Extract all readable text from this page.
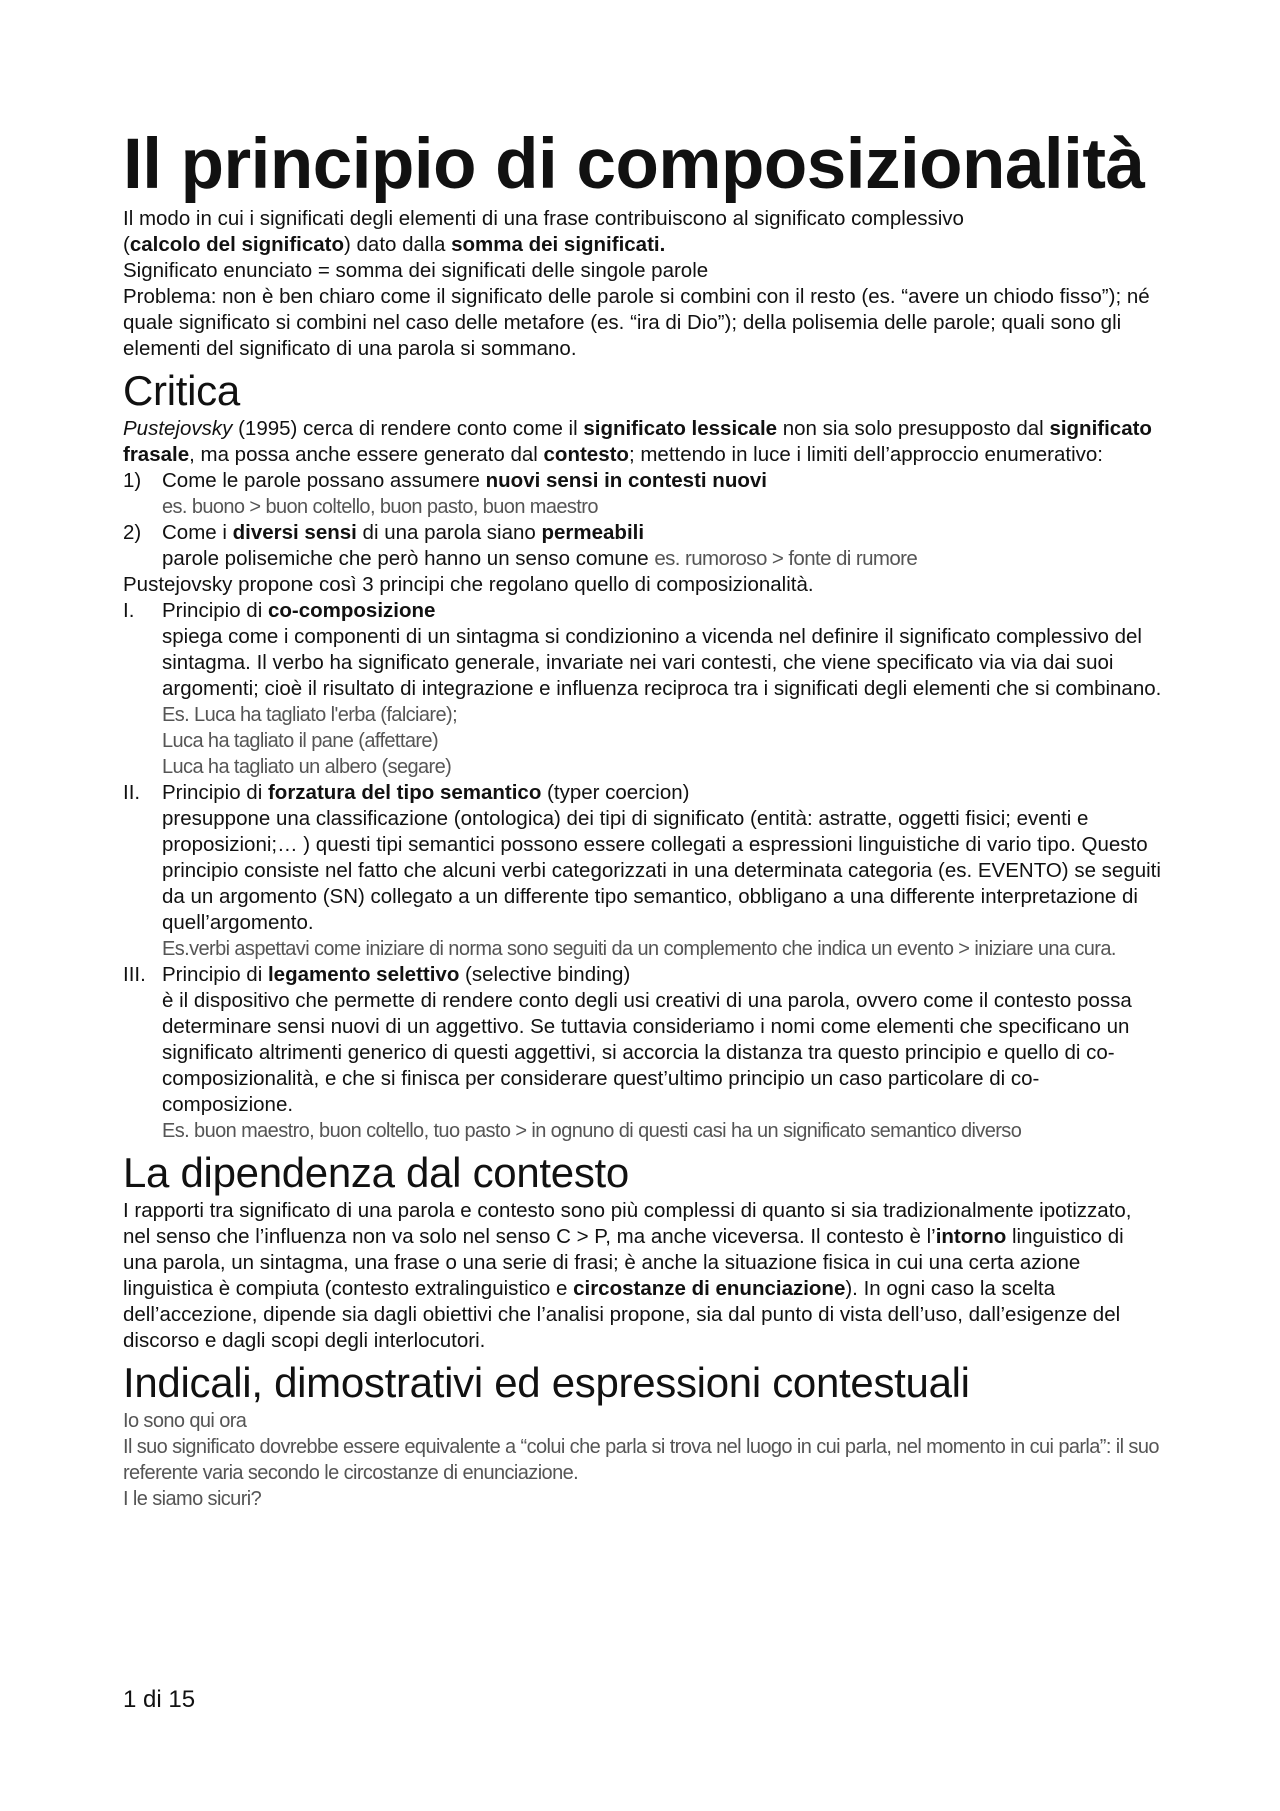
Il principio di composizionalità

Il modo in cui i significati degli elementi di una frase contribuiscono al significato complessivo

(calcolo del significato) dato dalla somma dei significati.

Significato enunciato = somma dei significati delle singole parole

Problema: non è ben chiaro come il significato delle parole si combini con il resto (es. “avere un chiodo fisso”); né quale significato si combini nel caso delle metafore (es. “ira di Dio”); della polisemia delle parole; quali sono gli elementi del significato di una parola si sommano.

Critica

Pustejovsky (1995) cerca di rendere conto come il significato lessicale non sia solo presupposto dal significato frasale, ma possa anche essere generato dal contesto; mettendo in luce i limiti dell’approccio enumerativo:

1)	Come le parole possano assumere nuovi sensi in contesti nuovi
es. buono > buon coltello, buon pasto, buon maestro
2)	Come i diversi sensi di una parola siano permeabili
parole polisemiche che però hanno un senso comune es. rumoroso > fonte di rumore

Pustejovsky propone così 3 principi che regolano quello di composizionalità.

I.	Principio di co-composizione
spiega come i componenti di un sintagma si condizionino a vicenda nel definire il significato complessivo del sintagma. Il verbo ha significato generale, invariate nei vari contesti, che viene specificato via via dai suoi argomenti; cioè il risultato di integrazione e influenza reciproca tra i significati degli elementi che si combinano.
Es. Luca ha tagliato l'erba (falciare);
Luca ha tagliato il pane (affettare)
Luca ha tagliato un albero (segare)
II.	Principio di forzatura del tipo semantico (typer coercion)
presuppone una classificazione (ontologica) dei tipi di significato (entità: astratte, oggetti fisici; eventi e proposizioni;… ) questi tipi semantici possono essere collegati a espressioni linguistiche di vario tipo. Questo principio consiste nel fatto che alcuni verbi categorizzati in una determinata categoria (es. EVENTO) se seguiti da un argomento (SN) collegato a un differente tipo semantico, obbligano a una differente interpretazione di quell’argomento.
Es.verbi aspettavi come iniziare di norma sono seguiti da un complemento che indica un evento > iniziare una cura.
III. Principio di legamento selettivo (selective binding)
è il dispositivo che permette di rendere conto degli usi creativi di una parola, ovvero come il contesto possa determinare sensi nuovi di un aggettivo. Se tuttavia consideriamo i nomi come elementi che specificano un significato altrimenti generico di questi aggettivi, si accorcia la distanza tra questo principio e quello di co-composizionalità, e che si finisca per considerare quest’ultimo principio un caso particolare di co-composizione.
Es. buon maestro, buon coltello, tuo pasto > in ognuno di questi casi ha un significato semantico diverso
La dipendenza dal contesto

I rapporti tra significato di una parola e contesto sono più complessi di quanto si sia tradizionalmente ipotizzato, nel senso che l’influenza non va solo nel senso C > P, ma anche viceversa. Il contesto è l’intorno linguistico di una parola, un sintagma, una frase o una serie di frasi; è anche la situazione fisica in cui una certa azione linguistica è compiuta (contesto extralinguistico e circostanze di enunciazione). In ogni caso la scelta dell’accezione, dipende sia dagli obiettivi che l’analisi propone, sia dal punto di vista dell’uso, dall’esigenze del discorso e dagli scopi degli interlocutori.

Indicali, dimostrativi ed espressioni contestuali
Io sono qui ora
Il suo significato dovrebbe essere equivalente a “colui che parla si trova nel luogo in cui parla, nel momento in cui parla”: il suo referente varia secondo le circostanze di enunciazione.
I le siamo sicuri?
1 di 15
